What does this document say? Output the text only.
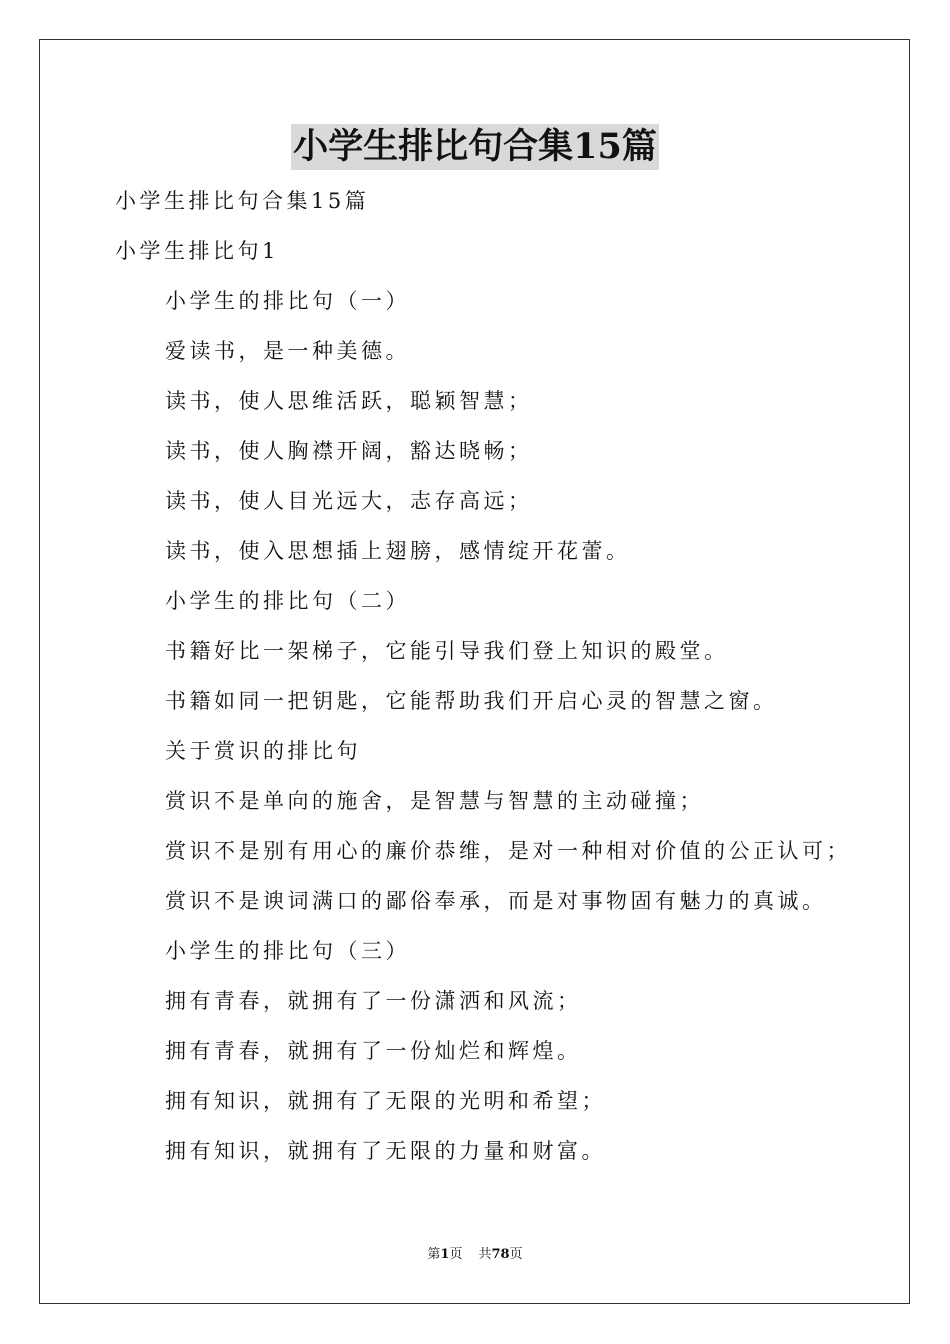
小学生排比句合集15篇
小学生排比句合集15篇
小学生排比句1
小学生的排比句（一）
爱读书，是一种美德。
读书，使人思维活跃，聪颖智慧；
读书，使人胸襟开阔，豁达晓畅；
读书，使人目光远大，志存高远；
读书，使入思想插上翅膀，感情绽开花蕾。
小学生的排比句（二）
书籍好比一架梯子，它能引导我们登上知识的殿堂。
书籍如同一把钥匙，它能帮助我们开启心灵的智慧之窗。
关于赏识的排比句
赏识不是单向的施舍，是智慧与智慧的主动碰撞；
赏识不是别有用心的廉价恭维，是对一种相对价值的公正认可；
赏识不是谀词满口的鄙俗奉承，而是对事物固有魅力的真诚。
小学生的排比句（三）
拥有青春，就拥有了一份潇洒和风流；
拥有青春，就拥有了一份灿烂和辉煌。
拥有知识，就拥有了无限的光明和希望；
拥有知识，就拥有了无限的力量和财富。
第1页 共78页
